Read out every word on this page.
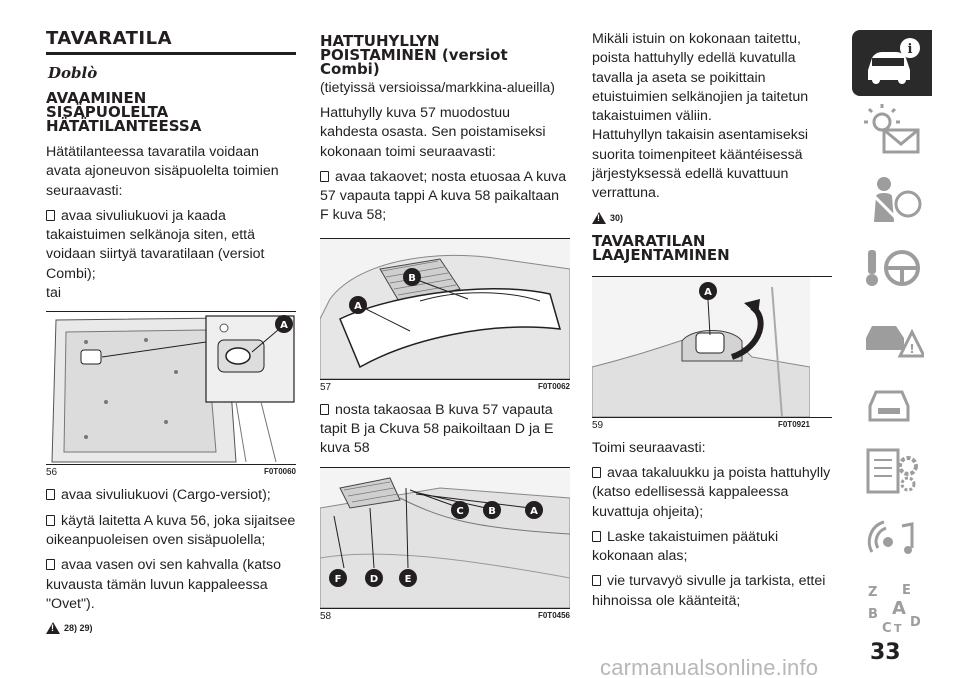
TAVARATILA
Doblò
AVAAMINEN
SISÄPUOLELTA
HÄTÄTILANTEESSA

Hätätilanteessa tavaratila voidaan avata ajoneuvon sisäpuolelta toimien seuraavasti:

avaa sivuliukuovi ja kaada takaistuimen selkänoja siten, että voidaan siirtyä tavaratilaan (versiot Combi);

tai

A
56	F0T0060

avaa sivuliukuovi (Cargo-versiot);

käytä laitetta A kuva 56, joka sijaitsee oikeanpuoleisen oven sisäpuolella;

avaa vasen ovi sen kahvalla (katso kuvausta tämän luvun kappaleessa "Ovet").

!
28) 29)
HATTUHYLLYN
POISTAMINEN (versiot
Combi)
(tietyissä versioissa/markkina-alueilla)

Hattuhylly kuva 57 muodostuu kahdesta osasta. Sen poistamiseksi kokonaan toimi seuraavasti:

avaa takaovet; nosta etuosaa A kuva 57 vapauta tappi A kuva 58 paikaltaan F kuva 58;

B
A
57	F0T0062

nosta takaosaa B kuva 57 vapauta tapit B ja Ckuva 58 paikoiltaan D ja E kuva 58

C B	A
F	D	E
58	F0T0456

Mikäli istuin on kokonaan taitettu, poista hattuhylly edellä kuvatulla tavalla ja aseta se poikittain etuistuimien selkänojien ja taitetun takaistuimen väliin.

Hattuhyllyn takaisin asentamiseksi suorita toimenpiteet kääntéisessä järjestyksessä edellä kuvattuun verrattuna.

!
30)
TAVARATILAN
LAAJENTAMINEN
A
59	F0T0921

Toimi seuraavasti:

avaa takaluukku ja poista hattuhylly (katso edellisessä kappaleessa kuvattuja ohjeita);

Laske takaistuimen päätuki kokonaan alas;

vie turvavyö sivulle ja tarkista, ettei hihnoissa ole kääntеitä;

i
!
Z E
B A
C T D
33
carmanualsonline.info
